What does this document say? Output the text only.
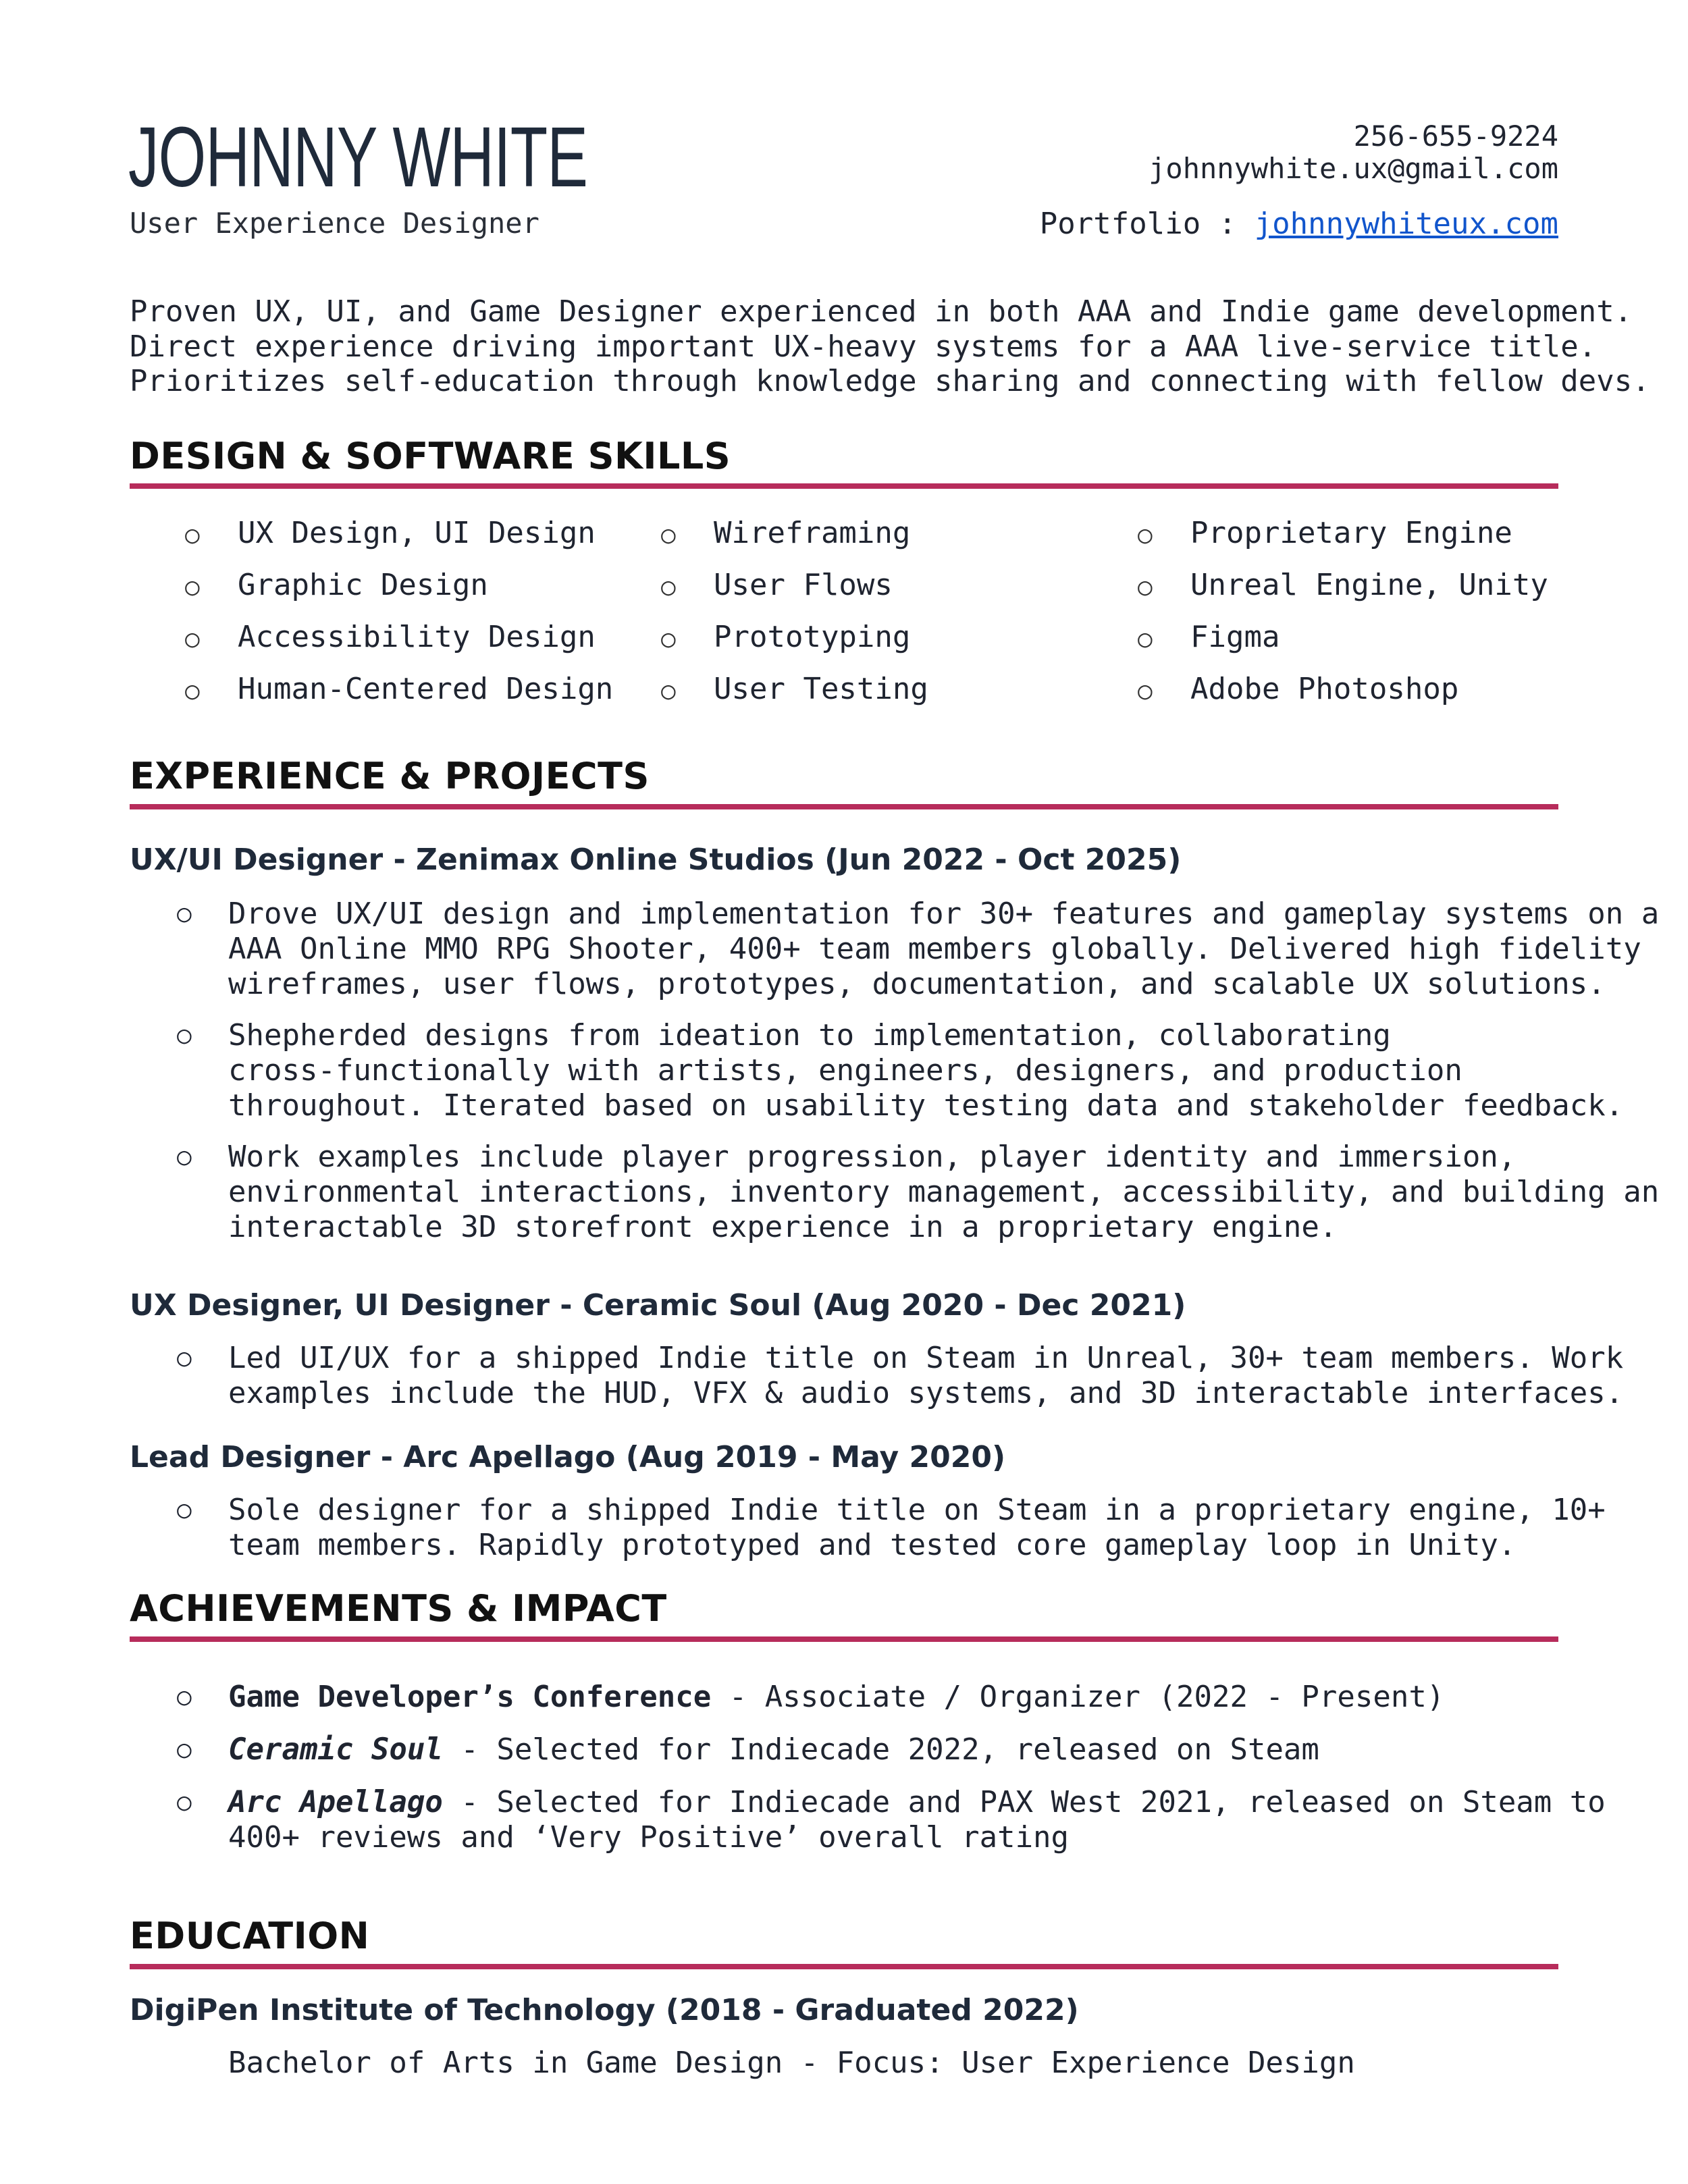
JOHNNY WHITE
User Experience Designer
256-655-9224
johnnywhite.ux@gmail.com
Portfolio : johnnywhiteux.com
Proven UX, UI, and Game Designer experienced in both AAA and Indie game development.
Direct experience driving important UX-heavy systems for a AAA live-service title.
Prioritizes self-education through knowledge sharing and connecting with fellow devs.
DESIGN & SOFTWARE SKILLS
○ UX Design, UI Design
○ Graphic Design
○ Accessibility Design
○ Human-Centered Design
○ Wireframing
○ User Flows
○ Prototyping
○ User Testing
○ Proprietary Engine
○ Unreal Engine, Unity
○ Figma
○ Adobe Photoshop
EXPERIENCE & PROJECTS
UX/UI Designer - Zenimax Online Studios (Jun 2022 - Oct 2025)
○ Drove UX/UI design and implementation for 30+ features and gameplay systems on a
AAA Online MMO RPG Shooter, 400+ team members globally. Delivered high fidelity
wireframes, user flows, prototypes, documentation, and scalable UX solutions.
○ Shepherded designs from ideation to implementation, collaborating
cross-functionally with artists, engineers, designers, and production
throughout. Iterated based on usability testing data and stakeholder feedback.
○ Work examples include player progression, player identity and immersion,
environmental interactions, inventory management, accessibility, and building an
interactable 3D storefront experience in a proprietary engine.
UX Designer, UI Designer - Ceramic Soul (Aug 2020 - Dec 2021)
○ Led UI/UX for a shipped Indie title on Steam in Unreal, 30+ team members. Work
examples include the HUD, VFX & audio systems, and 3D interactable interfaces.
Lead Designer - Arc Apellago (Aug 2019 - May 2020)
○ Sole designer for a shipped Indie title on Steam in a proprietary engine, 10+
team members. Rapidly prototyped and tested core gameplay loop in Unity.
ACHIEVEMENTS & IMPACT
○ Game Developer’s Conference - Associate / Organizer (2022 - Present)
○ Ceramic Soul - Selected for Indiecade 2022, released on Steam
○ Arc Apellago - Selected for Indiecade and PAX West 2021, released on Steam to
400+ reviews and ‘Very Positive’ overall rating
EDUCATION
DigiPen Institute of Technology (2018 - Graduated 2022)
Bachelor of Arts in Game Design - Focus: User Experience Design
